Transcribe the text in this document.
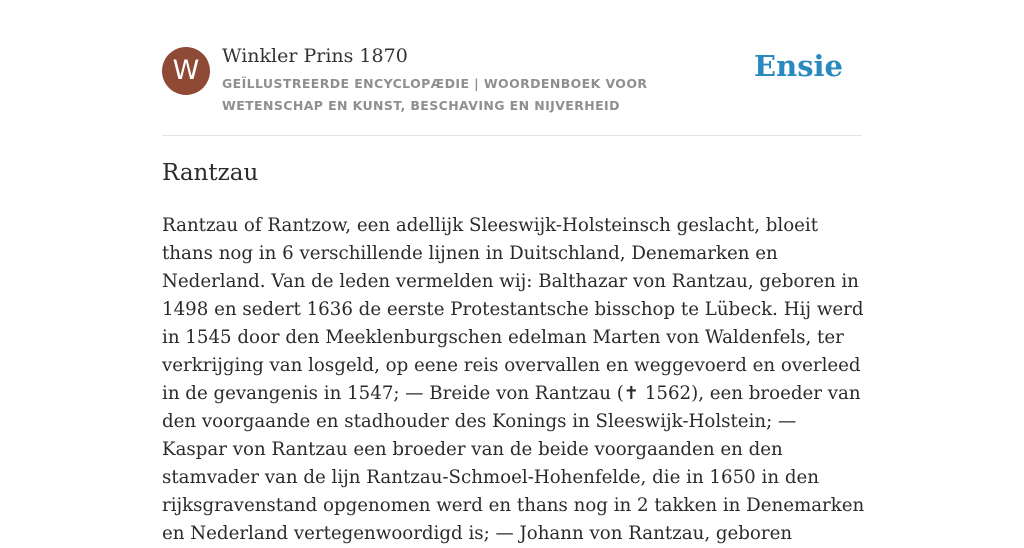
W	Winkler Prins 1870
GEÏLLUSTREERDE ENCYCLOPÆDIE | WOORDENBOEK VOOR WETENSCHAP EN KUNST, BESCHAVING EN NIJVERHEID
Ensie
Rantzau

Rantzau of Rantzow, een adellijk Sleeswijk-Holsteinsch geslacht, bloeit thans nog in 6 verschillende lijnen in Duitschland, Denemarken en Nederland. Van de leden vermelden wij: Balthazar von Rantzau, geboren in 1498 en sedert 1636 de eerste Protestantsche bisschop te Lübeck. Hij werd in 1545 door den Meeklenburgschen edelman Marten von Waldenfels, ter verkrijging van losgeld, op eene reis overvallen en weggevoerd en overleed in de gevangenis in 1547; — Breide von Rantzau (✝ 1562), een broeder van den voorgaande en stadhouder des Konings in Sleeswijk-Holstein; — Kaspar von Rantzau een broeder van de beide voorgaanden en den stamvader van de lijn Rantzau-Schmoel-Hohenfelde, die in 1650 in den rijksgravenstand opgenomen werd en thans nog in 2 takken in Denemarken en Nederland vertegenwoordigd is; — Johann von Rantzau, geboren
